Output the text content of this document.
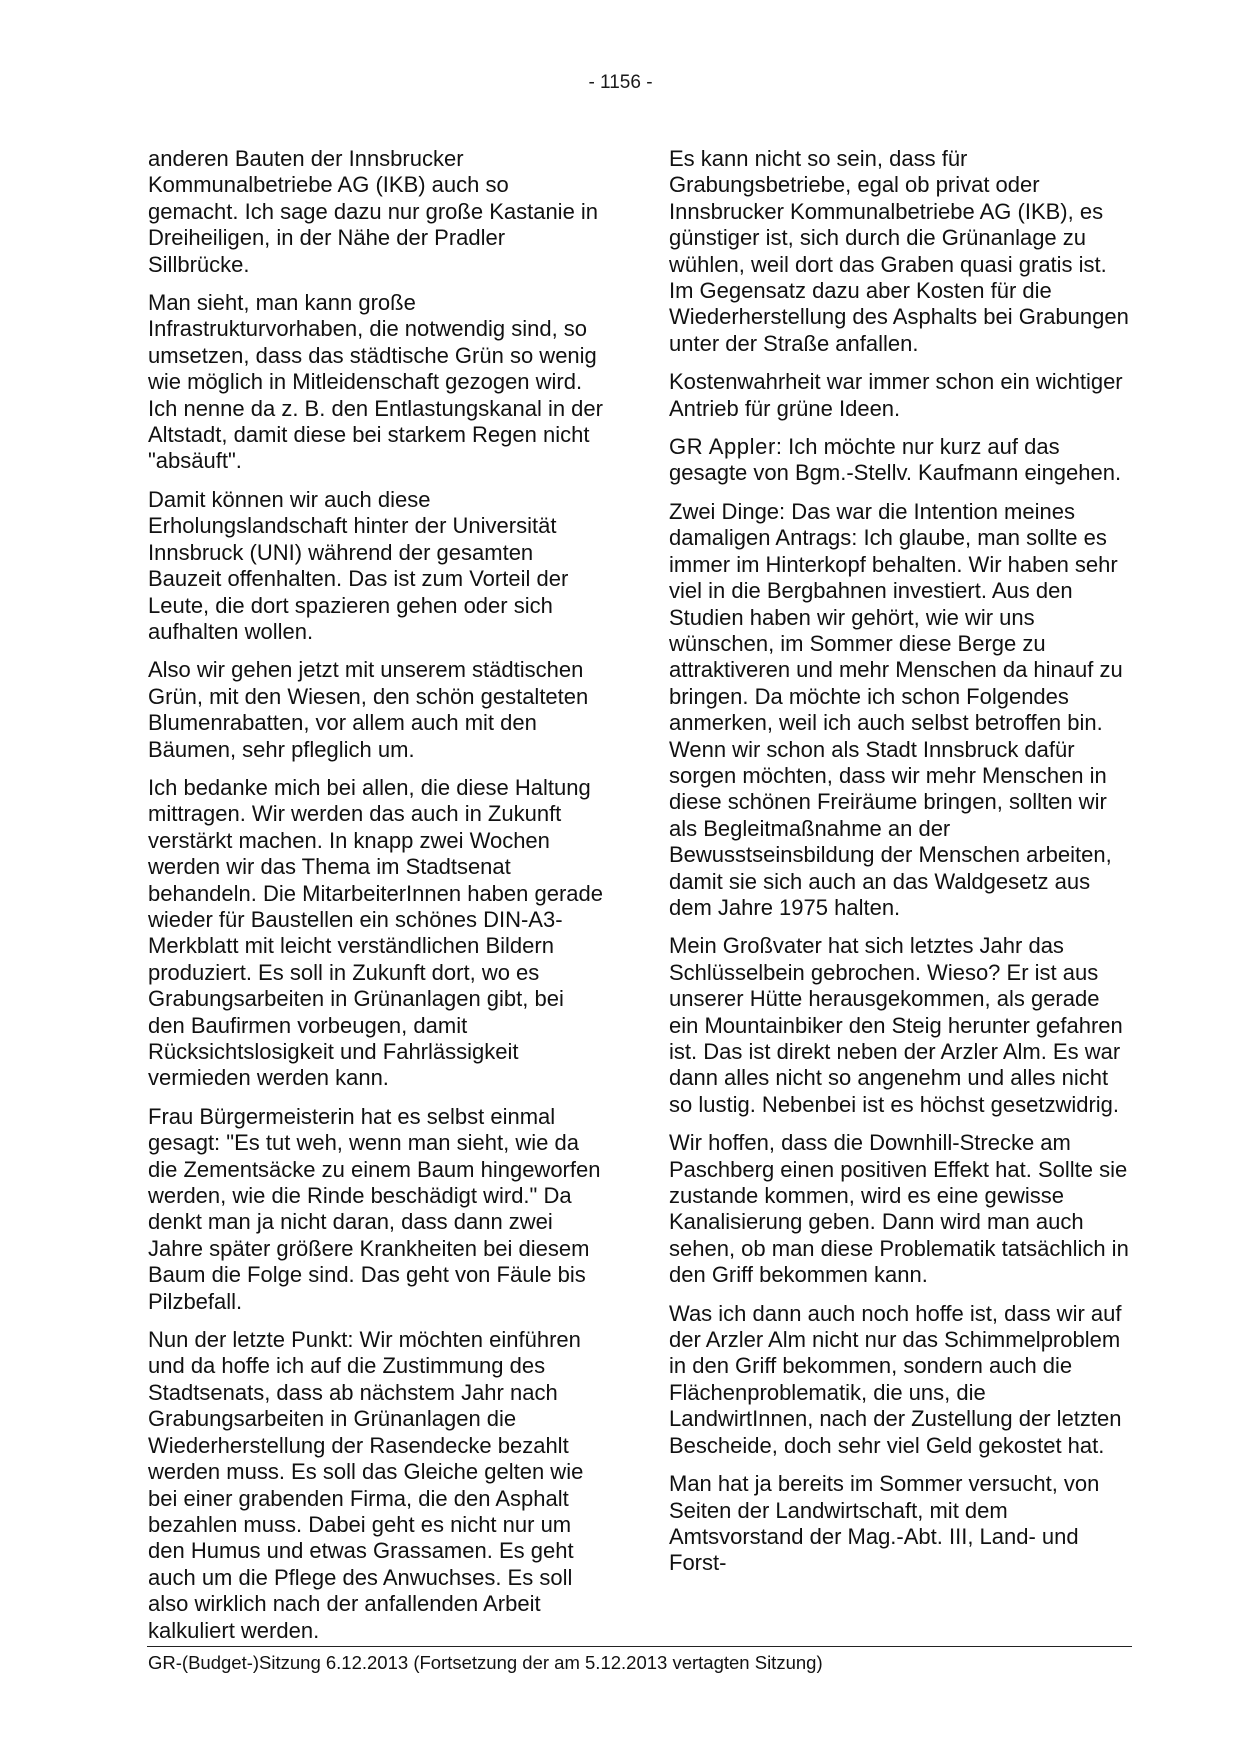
- 1156 -

anderen Bauten der Innsbrucker Kommunalbetriebe AG (IKB) auch so gemacht. Ich sage dazu nur große Kastanie in Dreiheiligen, in der Nähe der Pradler Sillbrücke.

Man sieht, man kann große Infrastrukturvorhaben, die notwendig sind, so umsetzen, dass das städtische Grün so wenig wie möglich in Mitleidenschaft gezogen wird. Ich nenne da z. B. den Entlastungskanal in der Altstadt, damit diese bei starkem Regen nicht "absäuft".

Damit können wir auch diese Erholungslandschaft hinter der Universität Innsbruck (UNI) während der gesamten Bauzeit offenhalten. Das ist zum Vorteil der Leute, die dort spazieren gehen oder sich aufhalten wollen.

Also wir gehen jetzt mit unserem städtischen Grün, mit den Wiesen, den schön gestalteten Blumenrabatten, vor allem auch mit den Bäumen, sehr pfleglich um.

Ich bedanke mich bei allen, die diese Haltung mittragen. Wir werden das auch in Zukunft verstärkt machen. In knapp zwei Wochen werden wir das Thema im Stadtsenat behandeln. Die MitarbeiterInnen haben gerade wieder für Baustellen ein schönes DIN-A3-Merkblatt mit leicht verständlichen Bildern produziert. Es soll in Zukunft dort, wo es Grabungsarbeiten in Grünanlagen gibt, bei den Baufirmen vorbeugen, damit Rücksichtslosigkeit und Fahrlässigkeit vermieden werden kann.

Frau Bürgermeisterin hat es selbst einmal gesagt: "Es tut weh, wenn man sieht, wie da die Zementsäcke zu einem Baum hingeworfen werden, wie die Rinde beschädigt wird." Da denkt man ja nicht daran, dass dann zwei Jahre später größere Krankheiten bei diesem Baum die Folge sind. Das geht von Fäule bis Pilzbefall.

Nun der letzte Punkt: Wir möchten einführen und da hoffe ich auf die Zustimmung des Stadtsenats, dass ab nächstem Jahr nach Grabungsarbeiten in Grünanlagen die Wiederherstellung der Rasendecke bezahlt werden muss. Es soll das Gleiche gelten wie bei einer grabenden Firma, die den Asphalt bezahlen muss. Dabei geht es nicht nur um den Humus und etwas Grassamen. Es geht auch um die Pflege des Anwuchses. Es soll also wirklich nach der anfallenden Arbeit kalkuliert werden.

Es kann nicht so sein, dass für Grabungsbetriebe, egal ob privat oder Innsbrucker Kommunalbetriebe AG (IKB), es günstiger ist, sich durch die Grünanlage zu wühlen, weil dort das Graben quasi gratis ist. Im Gegensatz dazu aber Kosten für die Wiederherstellung des Asphalts bei Grabungen unter der Straße anfallen.

Kostenwahrheit war immer schon ein wichtiger Antrieb für grüne Ideen.

GR Appler: Ich möchte nur kurz auf das gesagte von Bgm.-Stellv. Kaufmann eingehen.

Zwei Dinge: Das war die Intention meines damaligen Antrags: Ich glaube, man sollte es immer im Hinterkopf behalten. Wir haben sehr viel in die Bergbahnen investiert. Aus den Studien haben wir gehört, wie wir uns wünschen, im Sommer diese Berge zu attraktiveren und mehr Menschen da hinauf zu bringen. Da möchte ich schon Folgendes anmerken, weil ich auch selbst betroffen bin. Wenn wir schon als Stadt Innsbruck dafür sorgen möchten, dass wir mehr Menschen in diese schönen Freiräume bringen, sollten wir als Begleitmaßnahme an der Bewusstseinsbildung der Menschen arbeiten, damit sie sich auch an das Waldgesetz aus dem Jahre 1975 halten.

Mein Großvater hat sich letztes Jahr das Schlüsselbein gebrochen. Wieso? Er ist aus unserer Hütte herausgekommen, als gerade ein Mountainbiker den Steig herunter gefahren ist. Das ist direkt neben der Arzler Alm. Es war dann alles nicht so angenehm und alles nicht so lustig. Nebenbei ist es höchst gesetzwidrig.

Wir hoffen, dass die Downhill-Strecke am Paschberg einen positiven Effekt hat. Sollte sie zustande kommen, wird es eine gewisse Kanalisierung geben. Dann wird man auch sehen, ob man diese Problematik tatsächlich in den Griff bekommen kann.

Was ich dann auch noch hoffe ist, dass wir auf der Arzler Alm nicht nur das Schimmelproblem in den Griff bekommen, sondern auch die Flächenproblematik, die uns, die LandwirtInnen, nach der Zustellung der letzten Bescheide, doch sehr viel Geld gekostet hat.

Man hat ja bereits im Sommer versucht, von Seiten der Landwirtschaft, mit dem Amtsvorstand der Mag.-Abt. III, Land- und Forst-

GR-(Budget-)Sitzung 6.12.2013 (Fortsetzung der am 5.12.2013 vertagten Sitzung)
